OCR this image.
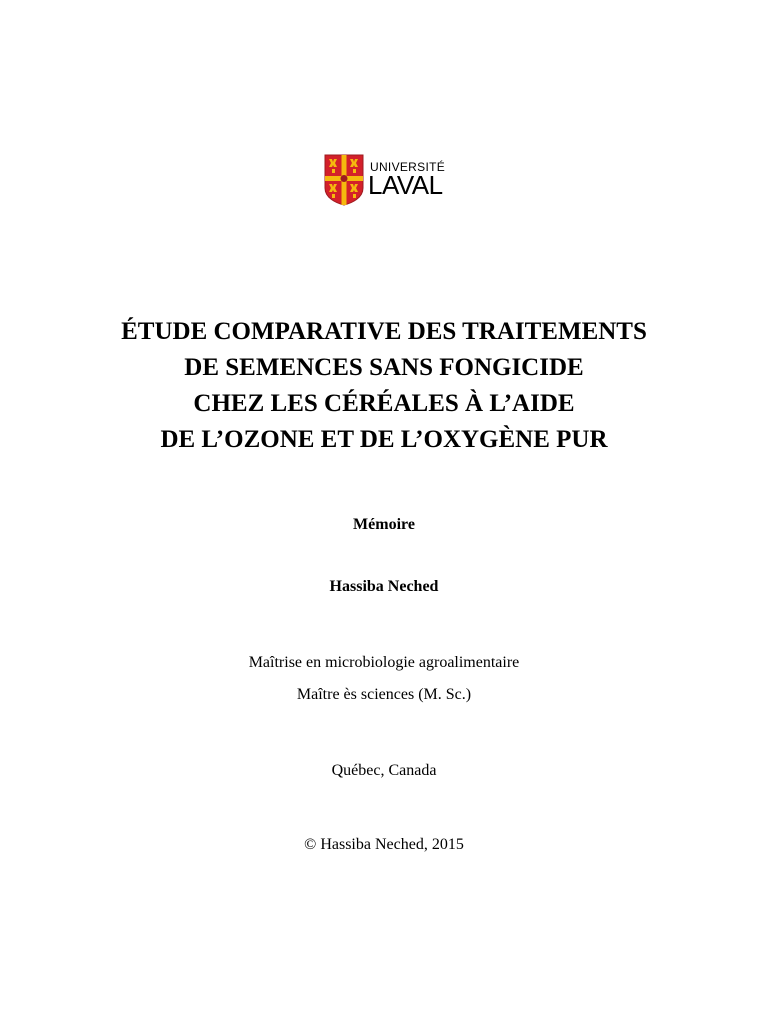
UNIVERSITÉ
LAVAL
ÉTUDE COMPARATIVE DES TRAITEMENTS
DE SEMENCES SANS FONGICIDE
CHEZ LES CÉRÉALES À L’AIDE
DE L’OZONE ET DE L’OXYGÈNE PUR
Mémoire
Hassiba Neched
Maîtrise en microbiologie agroalimentaire
Maître ès sciences (M. Sc.)
Québec, Canada
© Hassiba Neched, 2015
